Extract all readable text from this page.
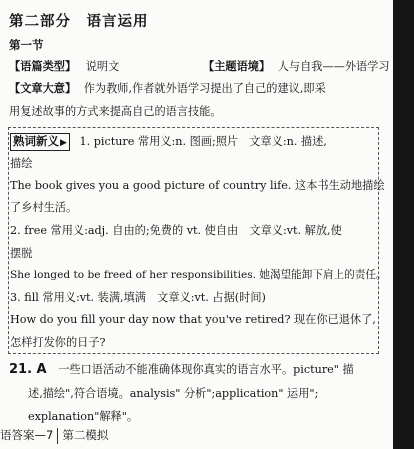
第二部分　语言运用
第一节
【语篇类型】 说明文	【主题语境】 人与自我——外语学习
【文章大意】 作为教师,作者就外语学习提出了自己的建议,即采
用复述故事的方式来提高自己的语言技能。
熟词新义▶ 1. picture 常用义:n. 图画;照片　文章义:n. 描述,
描绘
The book gives you a good picture of country life. 这本书生动地描绘
了乡村生活。
2. free 常用义:adj. 自由的;免费的 vt. 使自由　文章义:vt. 解放,使
摆脱
She longed to be freed of her responsibilities. 她渴望能卸下肩上的责任。
3. fill 常用义:vt. 装满,填满　文章义:vt. 占据(时间)
How do you fill your day now that you've retired? 现在你已退休了,
怎样打发你的日子?
21. A 一些口语活动不能准确体现你真实的语言水平。picture" 描
述,描绘",符合语境。analysis" 分析";application" 运用";
explanation"解释"。
语答案—7 第二模拟
